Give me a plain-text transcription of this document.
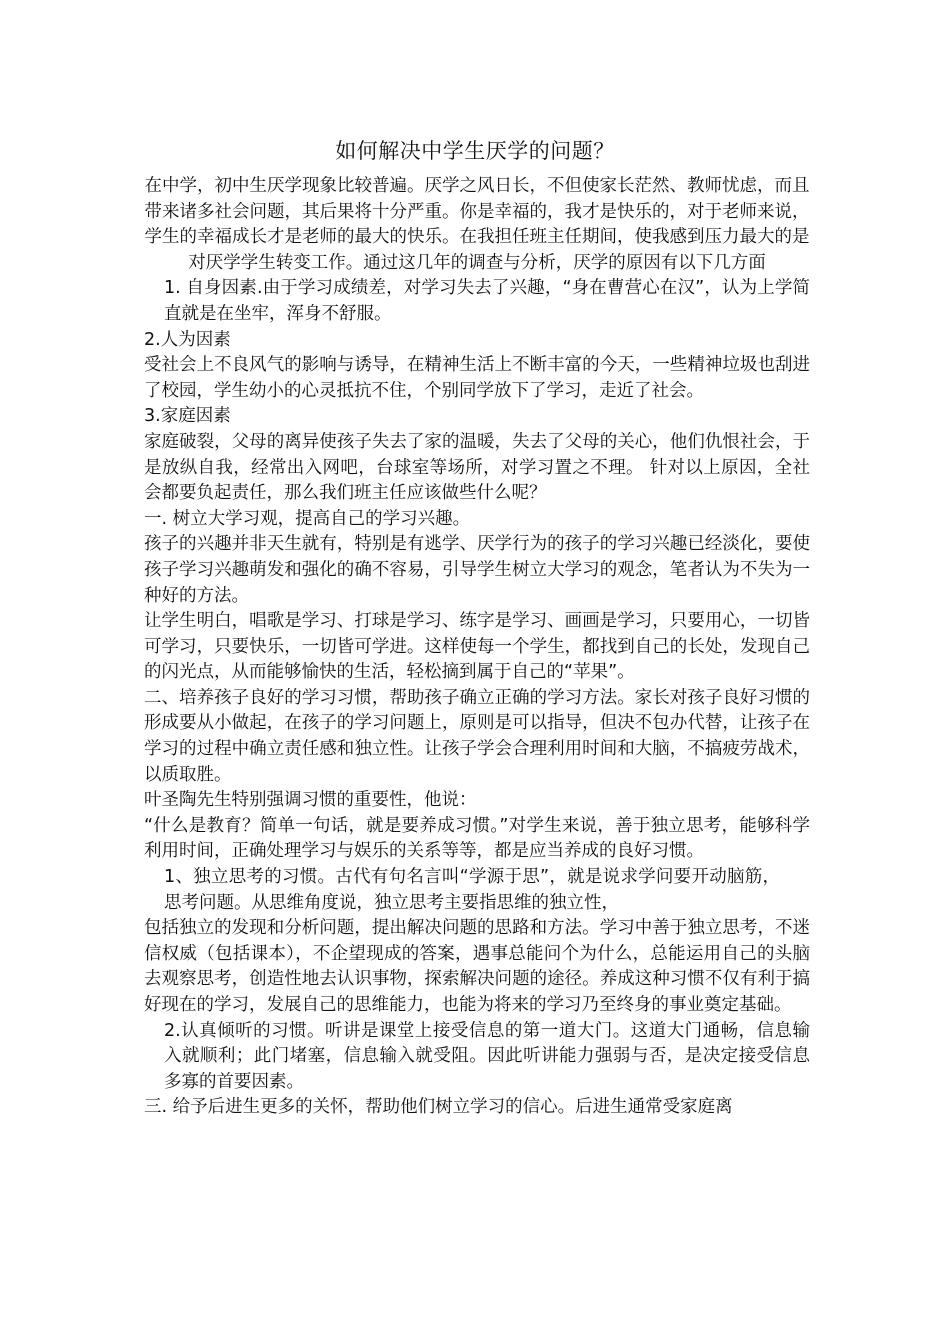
如何解决中学生厌学的问题？

在中学，初中生厌学现象比较普遍。厌学之风日长，不但使家长茫然、教师忧虑，而且带来诸多社会问题，其后果将十分严重。你是幸福的，我才是快乐的，对于老师来说，学生的幸福成长才是老师的最大的快乐。在我担任班主任期间，使我感到压力最大的是对厌学学生转变工作。通过这几年的调查与分析，厌学的原因有以下几方面

1. 自身因素.由于学习成绩差，对学习失去了兴趣，“身在曹营心在汉”，认为上学简直就是在坐牢，浑身不舒服。

2.人为因素

受社会上不良风气的影响与诱导，在精神生活上不断丰富的今天，一些精神垃圾也刮进了校园，学生幼小的心灵抵抗不住，个别同学放下了学习，走近了社会。

3.家庭因素

家庭破裂，父母的离异使孩子失去了家的温暖，失去了父母的关心，他们仇恨社会，于是放纵自我，经常出入网吧，台球室等场所，对学习置之不理。 针对以上原因，全社会都要负起责任，那么我们班主任应该做些什么呢？

一. 树立大学习观，提高自己的学习兴趣。

孩子的兴趣并非天生就有，特别是有逃学、厌学行为的孩子的学习兴趣已经淡化，要使孩子学习兴趣萌发和强化的确不容易，引导学生树立大学习的观念，笔者认为不失为一种好的方法。

让学生明白，唱歌是学习、打球是学习、练字是学习、画画是学习，只要用心，一切皆可学习，只要快乐，一切皆可学进。这样使每一个学生，都找到自己的长处，发现自己的闪光点，从而能够愉快的生活，轻松摘到属于自己的“苹果”。

二、培养孩子良好的学习习惯，帮助孩子确立正确的学习方法。家长对孩子良好习惯的形成要从小做起，在孩子的学习问题上，原则是可以指导，但决不包办代替，让孩子在学习的过程中确立责任感和独立性。让孩子学会合理利用时间和大脑，不搞疲劳战术，以质取胜。

叶圣陶先生特别强调习惯的重要性，他说：

“什么是教育？简单一句话，就是要养成习惯。”对学生来说，善于独立思考，能够科学利用时间，正确处理学习与娱乐的关系等等，都是应当养成的良好习惯。

1、独立思考的习惯。古代有句名言叫“学源于思”，就是说求学问要开动脑筋，思考问题。从思维角度说，独立思考主要指思维的独立性，

包括独立的发现和分析问题，提出解决问题的思路和方法。学习中善于独立思考，不迷信权威（包括课本），不企望现成的答案，遇事总能问个为什么，总能运用自己的头脑去观察思考，创造性地去认识事物，探索解决问题的途径。养成这种习惯不仅有利于搞好现在的学习，发展自己的思维能力，也能为将来的学习乃至终身的事业奠定基础。

2.认真倾听的习惯。听讲是课堂上接受信息的第一道大门。这道大门通畅，信息输入就顺利；此门堵塞，信息输入就受阻。因此听讲能力强弱与否，是决定接受信息多寡的首要因素。

三. 给予后进生更多的关怀，帮助他们树立学习的信心。后进生通常受家庭离
